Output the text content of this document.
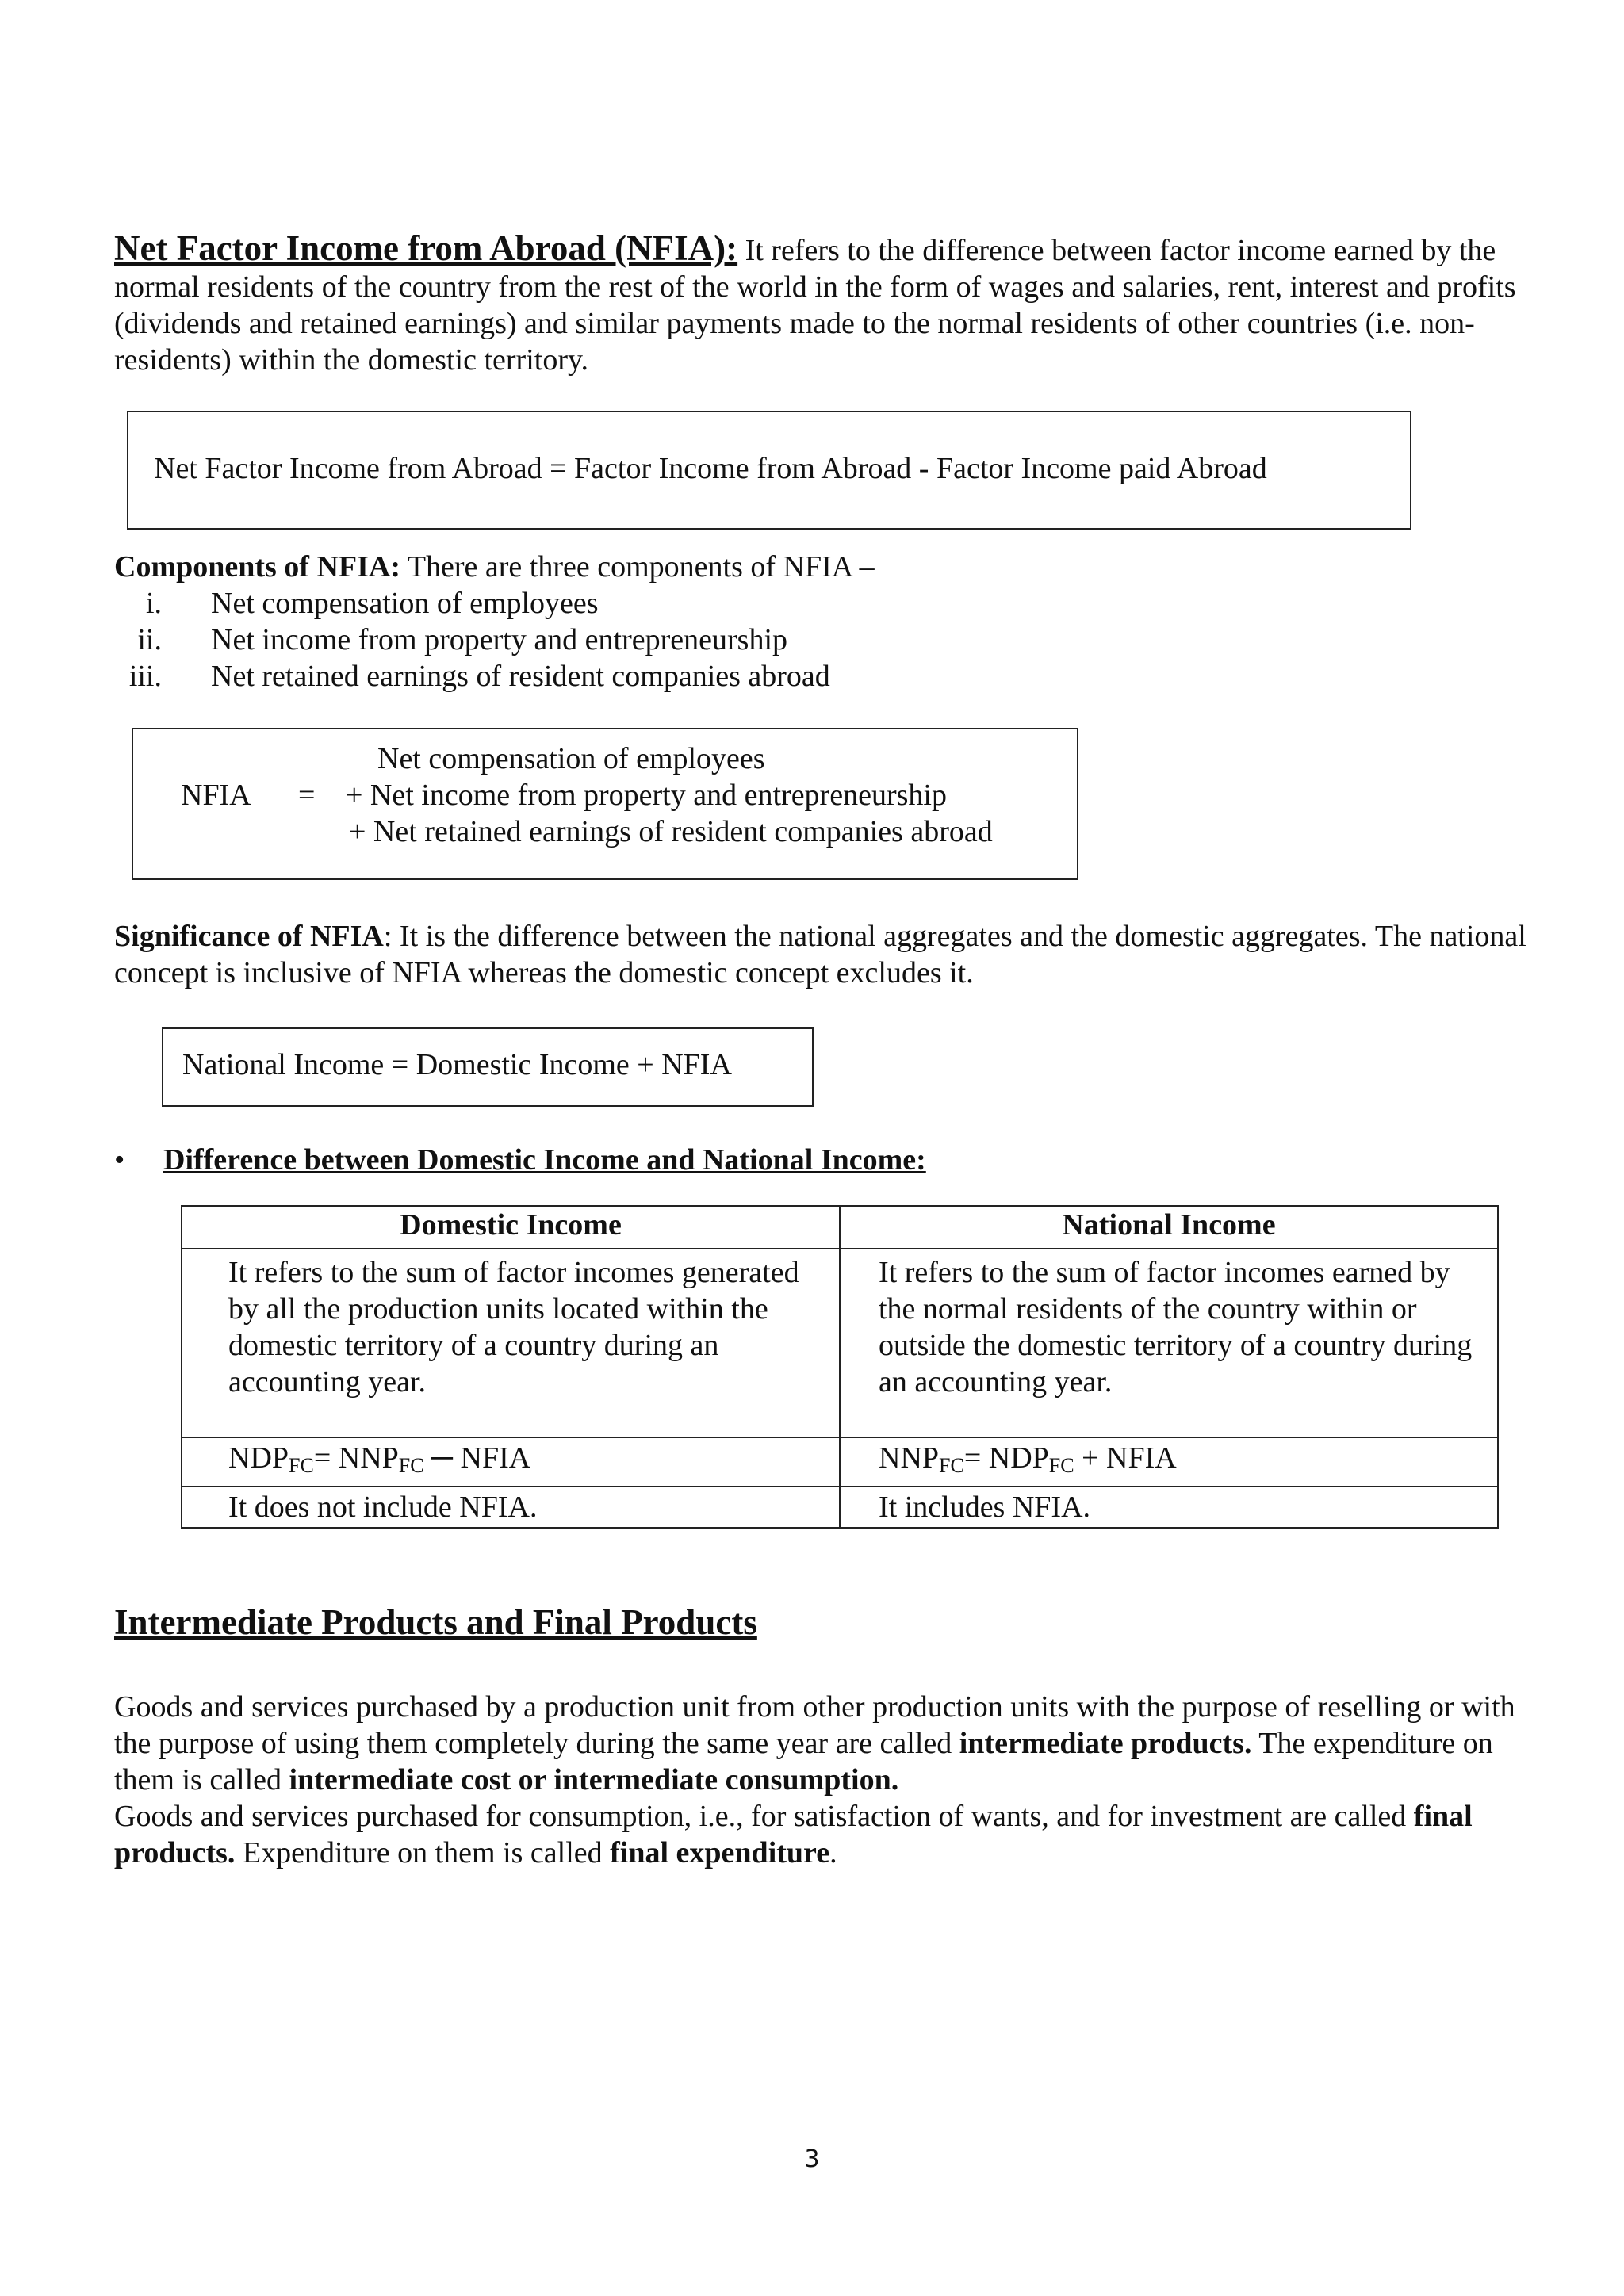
Net Factor Income from Abroad (NFIA): It refers to the difference between factor income earned by the normal residents of the country from the rest of the world in the form of wages and salaries, rent, interest and profits (dividends and retained earnings) and similar payments made to the normal residents of other countries (i.e. non-residents) within the domestic territory.
Net Factor Income from Abroad = Factor Income from Abroad - Factor Income paid Abroad
Components of NFIA: There are three components of NFIA –
i. Net compensation of employees
ii. Net income from property and entrepreneurship
iii. Net retained earnings of resident companies abroad
NFIA =
Net compensation of employees
+ Net income from property and entrepreneurship
+ Net retained earnings of resident companies abroad
Significance of NFIA: It is the difference between the national aggregates and the domestic aggregates. The national concept is inclusive of NFIA whereas the domestic concept excludes it.
National Income = Domestic Income + NFIA
• Difference between Domestic Income and National Income:
Domestic Income	National Income
It refers to the sum of factor incomes generated by all the production units located within the domestic territory of a country during an accounting year.	It refers to the sum of factor incomes earned by the normal residents of the country within or outside the domestic territory of a country during an accounting year.
$NDP_{FC}= NNP_{FC}$ ─ NFIA	$NNP_{FC}= NDP_{FC}$ + NFIA
It does not include NFIA.	It includes NFIA.
Intermediate Products and Final Products
Goods and services purchased by a production unit from other production units with the purpose of reselling or with the purpose of using them completely during the same year are called intermediate products. The expenditure on them is called intermediate cost or intermediate consumption.
Goods and services purchased for consumption, i.e., for satisfaction of wants, and for investment are called final products. Expenditure on them is called final expenditure.
3
